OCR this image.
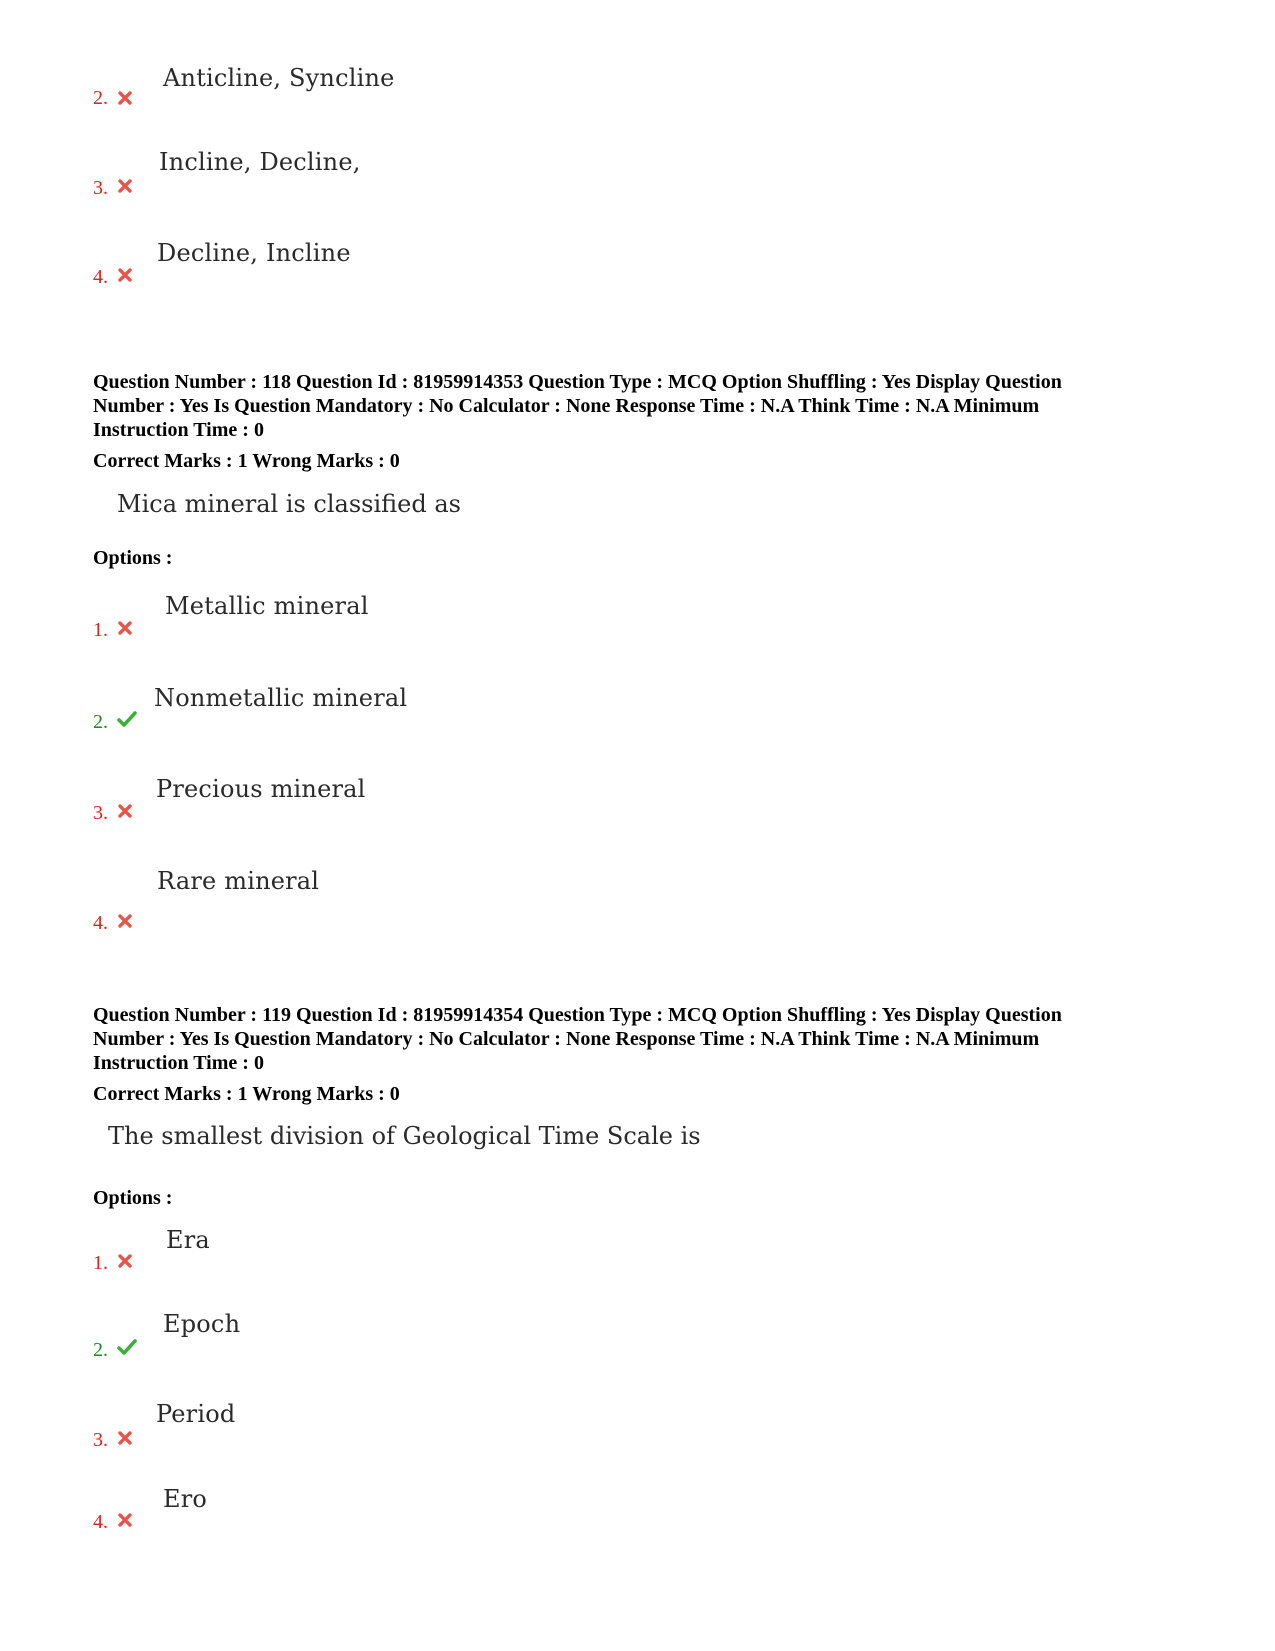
2.
Anticline, Syncline
3.
Incline, Decline,
4.
Decline, Incline
Question Number : 118 Question Id : 81959914353 Question Type : MCQ Option Shuffling : Yes Display Question
Number : Yes Is Question Mandatory : No Calculator : None Response Time : N.A Think Time : N.A Minimum
Instruction Time : 0
Correct Marks : 1 Wrong Marks : 0
Mica mineral is classified as
Options :
1.
Metallic mineral
2.
Nonmetallic mineral
3.
Precious mineral
4.
Rare mineral
Question Number : 119 Question Id : 81959914354 Question Type : MCQ Option Shuffling : Yes Display Question
Number : Yes Is Question Mandatory : No Calculator : None Response Time : N.A Think Time : N.A Minimum
Instruction Time : 0
Correct Marks : 1 Wrong Marks : 0
The smallest division of Geological Time Scale is
Options :
1.
Era
2.
Epoch
3.
Period
4.
Ero
